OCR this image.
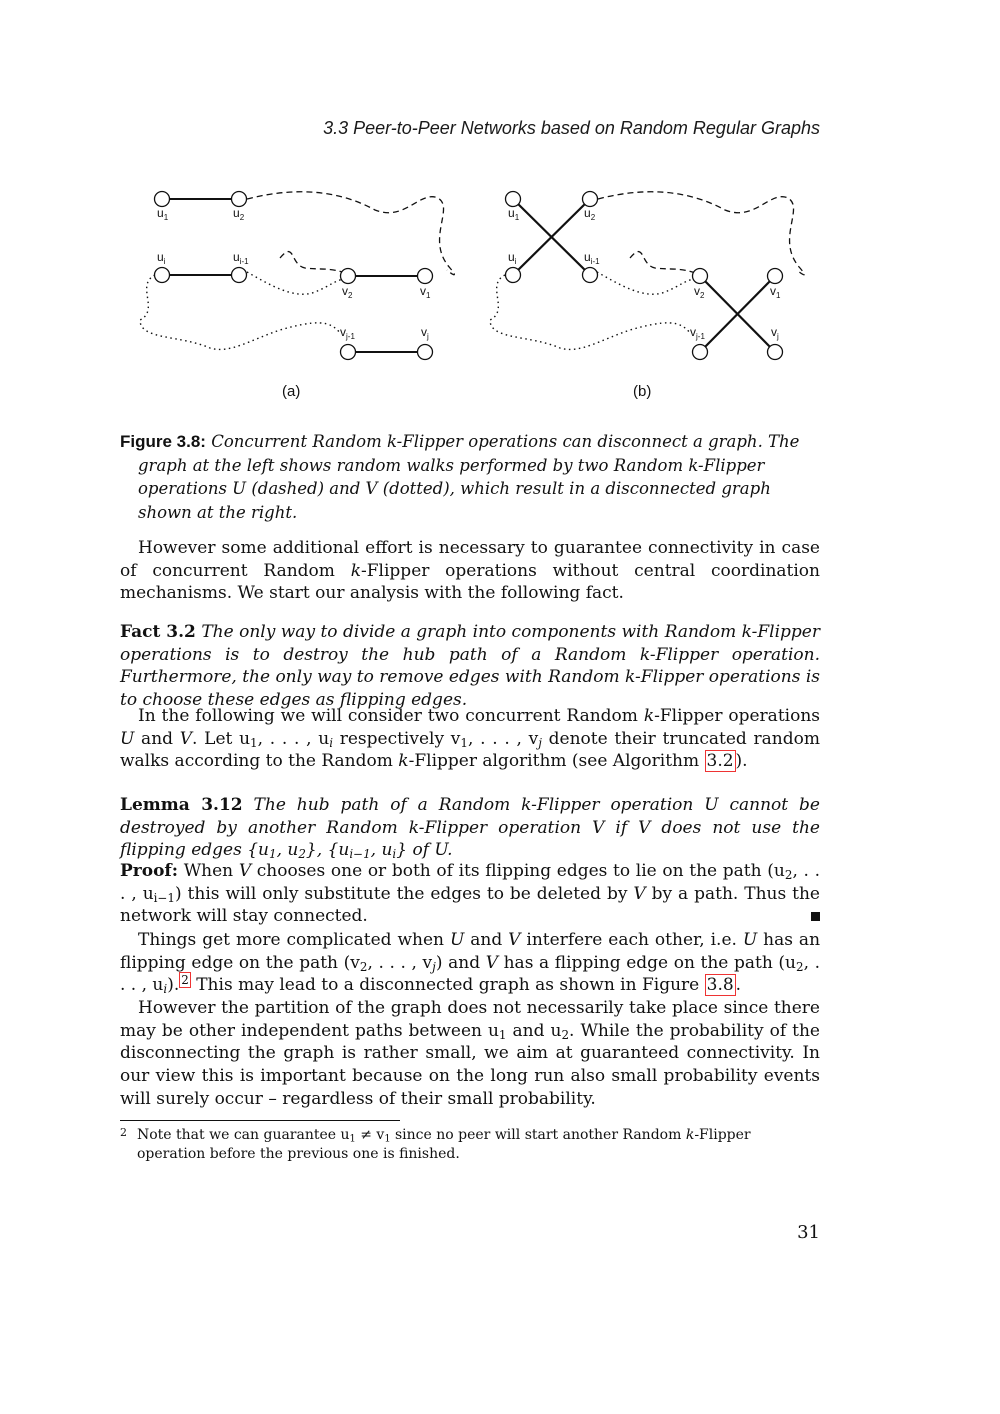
3.3 Peer-to-Peer Networks based on Random Regular Graphs
$u_1$	$u_2$
$u_i$	$u_{i-1}$
$v_2$	$v_1$
$v_{j-1}$	$v_j$
$u_1$	$u_2$
$u_i$	$u_{i-1}$
$v_2$	$v_1$
$v_{j-1}$	$v_j$
(a)	(b)

Figure 3.8: Concurrent Random k-Flipper operations can disconnect a graph. The graph at the left shows random walks performed by two Random k-Flipper operations U (dashed) and V (dotted), which result in a disconnected graph shown at the right.

However some additional effort is necessary to guarantee connectivity in case of concurrent Random k-Flipper operations without central coordination mechanisms. We start our analysis with the following fact.

Fact 3.2 The only way to divide a graph into components with Random k-Flipper operations is to destroy the hub path of a Random k-Flipper operation. Furthermore, the only way to remove edges with Random k-Flipper operations is to choose these edges as flipping edges.

In the following we will consider two concurrent Random k-Flipper operations U and V. Let $u_1$, . . . , $u_i$ respectively $v_1$, . . . , $v_j$ denote their truncated random walks according to the Random k-Flipper algorithm (see Algorithm 3.2 ).

Lemma 3.12 The hub path of a Random k-Flipper operation U cannot be destroyed by another Random k-Flipper operation V if V does not use the flipping edges {$u_1$, $u_2$}, {$u_{i-1}$, $u_i$} of U.

Proof: When V chooses one or both of its flipping edges to lie on the path ($u_2$, . . . , $u_{i-1}$) this will only substitute the edges to be deleted by V by a path. Thus the network will stay connected.

Things get more complicated when U and V interfere each other, i.e. U has an flipping edge on the path ($v_2$, . . . , $v_j$) and V has a flipping edge on the path ($u_2$, . . . , $u_i$). $^2$ This may lead to a disconnected graph as shown in Figure 3.8 .

However the partition of the graph does not necessarily take place since there may be other independent paths between $u_1$ and $u_2$. While the probability of the disconnecting the graph is rather small, we aim at guaranteed connectivity. In our view this is important because on the long run also small probability events will surely occur – regardless of their small probability.

2 Note that we can guarantee $u_1 \ne v_1$ since no peer will start another Random k-Flipper operation before the previous one is finished.
31
